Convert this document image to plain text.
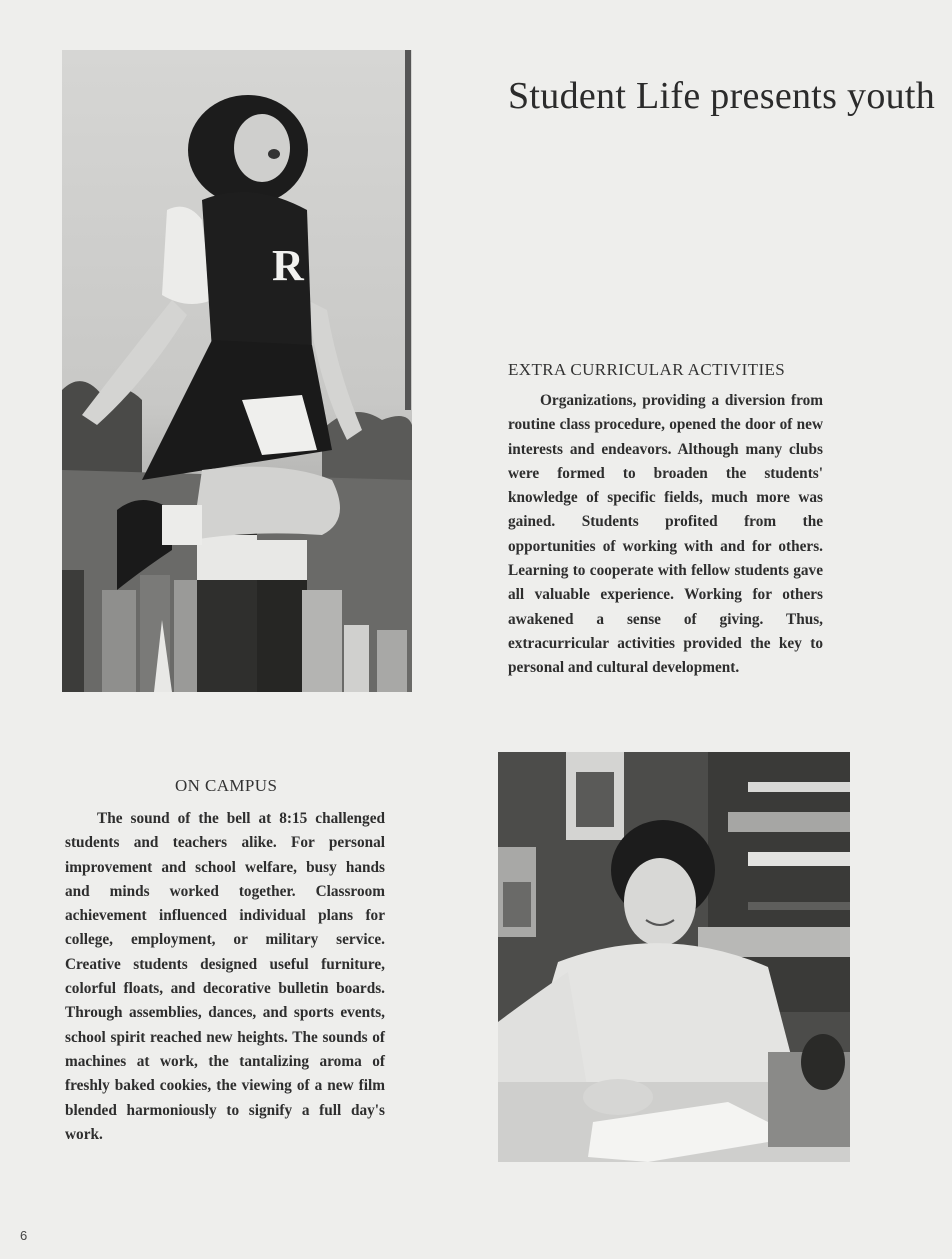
R
Student Life presents youth
EXTRA CURRICULAR ACTIVITIES

Organizations, providing a diversion from routine class procedure, opened the door of new interests and endeavors. Although many clubs were formed to broaden the students' knowledge of specific fields, much more was gained. Students profited from the opportunities of working with and for others. Learning to cooperate with fellow students gave all valuable experience. Working for others awakened a sense of giving. Thus, extracurricular activities provided the key to personal and cultural development.

ON CAMPUS

The sound of the bell at 8:15 challenged students and teachers alike. For personal improvement and school welfare, busy hands and minds worked together. Classroom achievement influenced individual plans for college, employment, or military service. Creative students designed useful furniture, colorful floats, and decorative bulletin boards. Through assemblies, dances, and sports events, school spirit reached new heights. The sounds of machines at work, the tantalizing aroma of freshly baked cookies, the viewing of a new film blended harmoniously to signify a full day's work.

6
